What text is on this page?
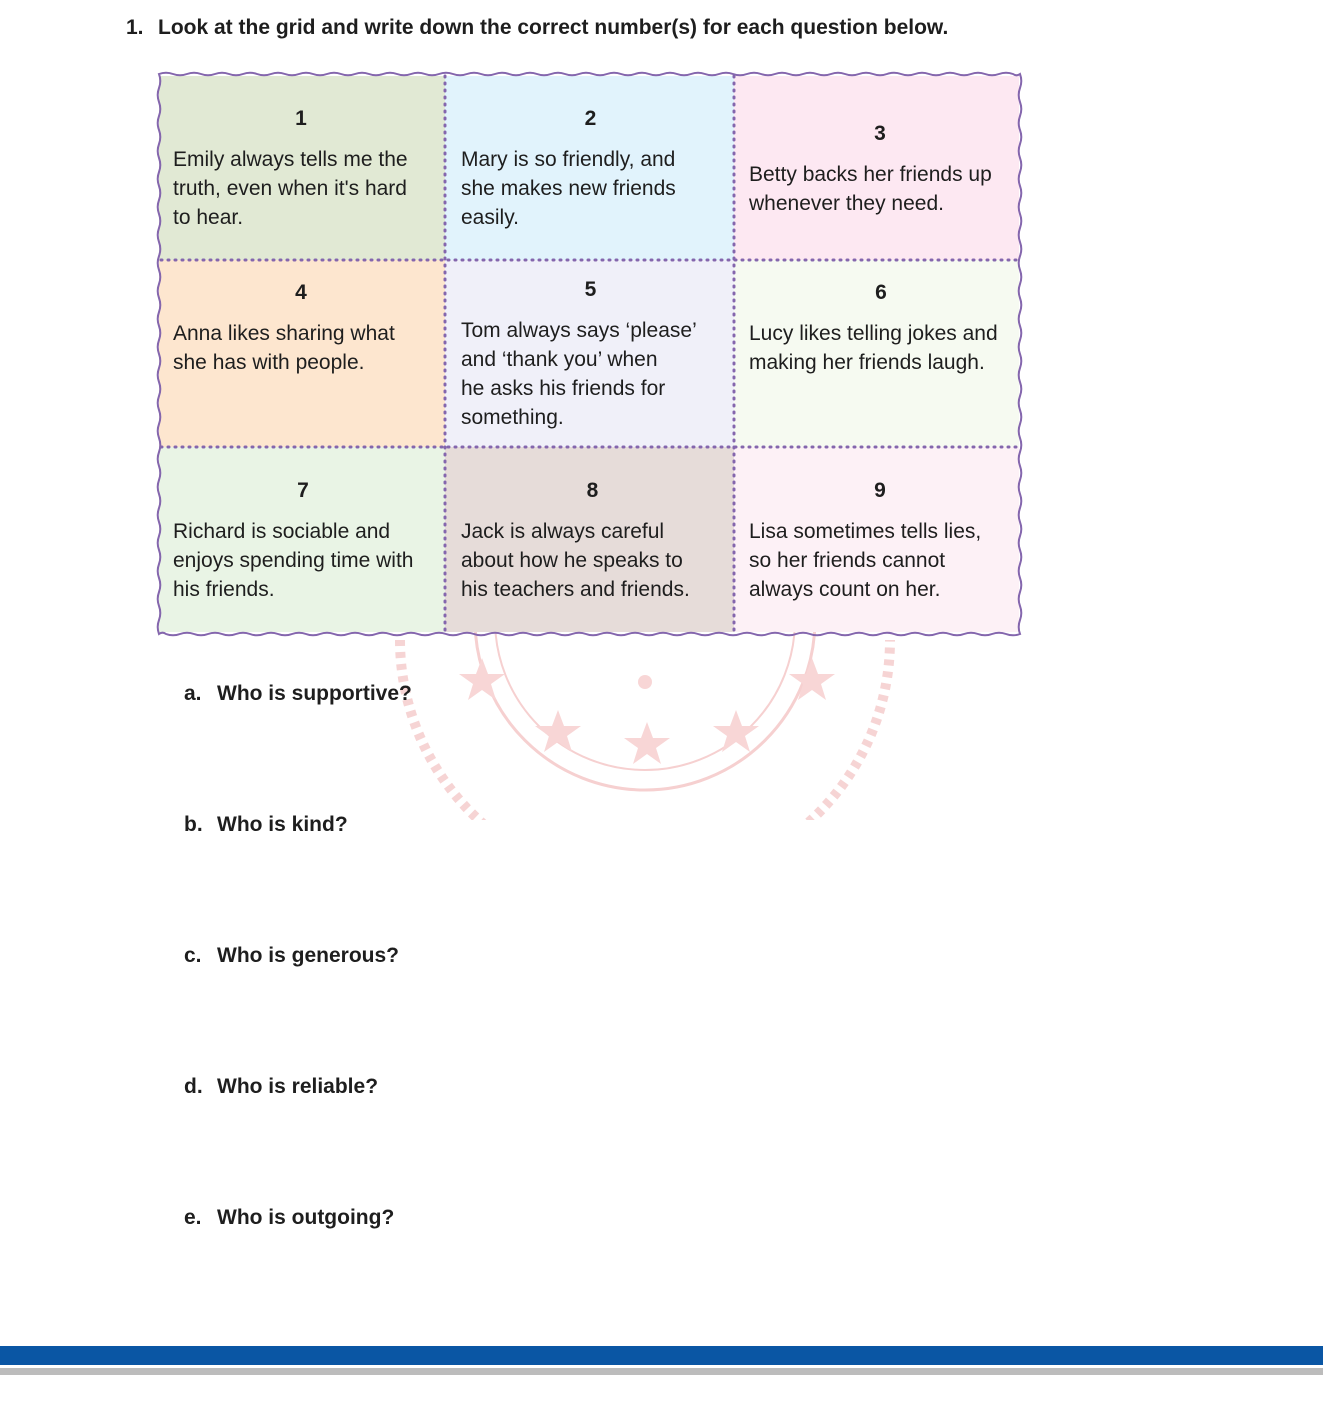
1. Look at the grid and write down the correct number(s) for each question below.
1
Emily always tells me the
truth, even when it's hard
to hear.
2
Mary is so friendly, and
she makes new friends
easily.
3
Betty backs her friends up
whenever they need.
4
Anna likes sharing what
she has with people.
5
Tom always says ‘please’
and ‘thank you’ when
he asks his friends for
something.
6
Lucy likes telling jokes and
making her friends laugh.
7
Richard is sociable and
enjoys spending time with
his friends.
8
Jack is always careful
about how he speaks to
his teachers and friends.
9
Lisa sometimes tells lies,
so her friends cannot
always count on her.
a. Who is supportive?
b. Who is kind?
c. Who is generous?
d. Who is reliable?
e. Who is outgoing?
